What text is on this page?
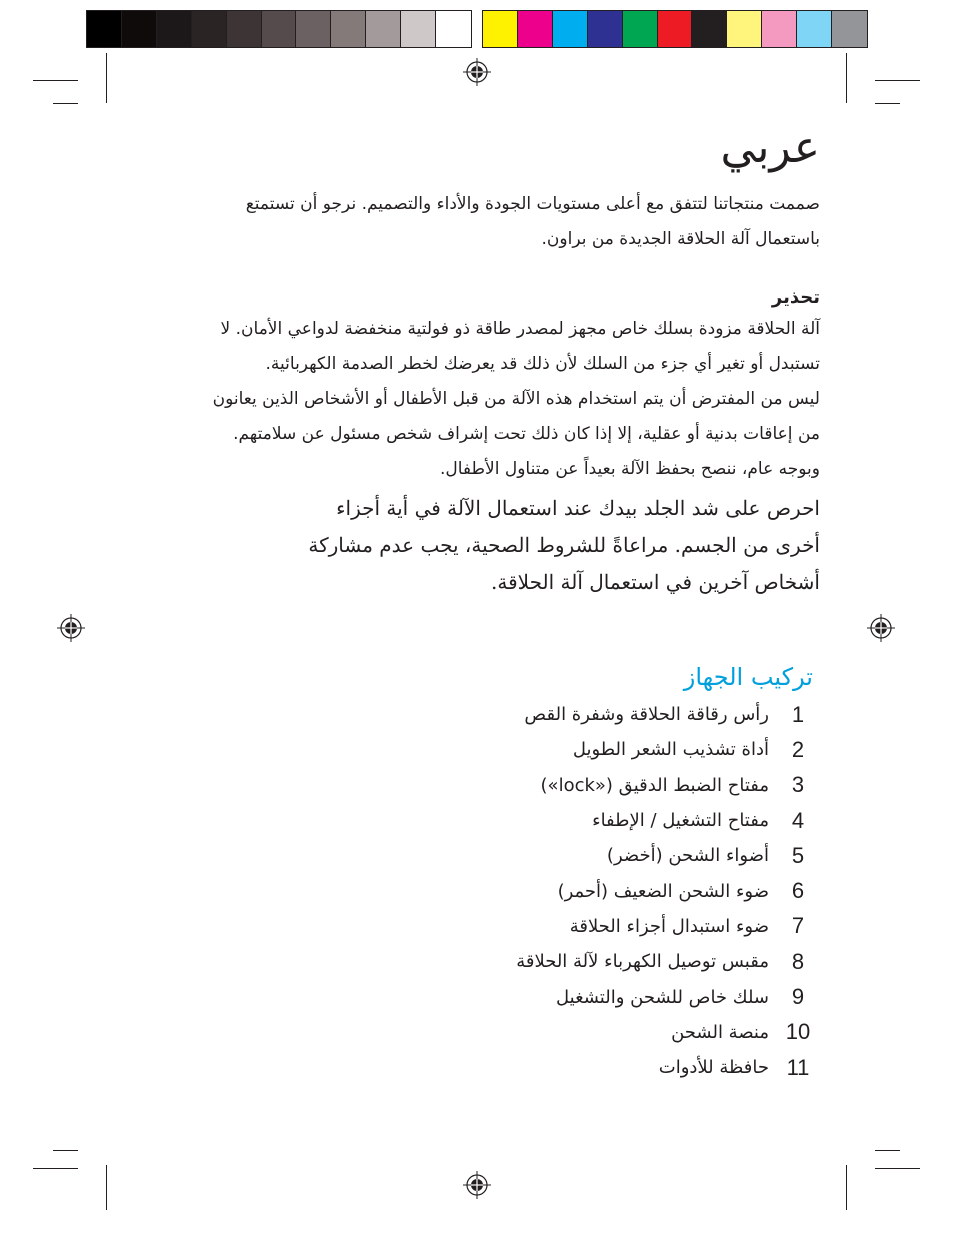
عربي
صممت منتجاتنا لتتفق مع أعلى مستويات الجودة والأداء والتصميم. نرجو أن تستمتع
باستعمال آلة الحلاقة الجديدة من براون.
تحذير
آلة الحلاقة مزودة بسلك خاص مجهز لمصدر طاقة ذو فولتية منخفضة لدواعي الأمان. لا
تستبدل أو تغير أي جزء من السلك لأن ذلك قد يعرضك لخطر الصدمة الكهربائية.
ليس من المفترض أن يتم استخدام هذه الآلة من قبل الأطفال أو الأشخاص الذين يعانون
من إعاقات بدنية أو عقلية، إلا إذا كان ذلك تحت إشراف شخص مسئول عن سلامتهم.
وبوجه عام، ننصح بحفظ الآلة بعيداً عن متناول الأطفال.
احرص على شد الجلد بيدك عند استعمال الآلة في أية أجزاء
أخرى من الجسم. مراعاةً للشروط الصحية، يجب عدم مشاركة
أشخاص آخرين في استعمال آلة الحلاقة.
تركيب الجهاز
1
رأس رقاقة الحلاقة وشفرة القص
2
أداة تشذيب الشعر الطويل
3
مفتاح الضبط الدقيق («lock»)
4
مفتاح التشغيل / الإطفاء
5
أضواء الشحن (أخضر)
6
ضوء الشحن الضعيف (أحمر)
7
ضوء استبدال أجزاء الحلاقة
8
مقبس توصيل الكهرباء لآلة الحلاقة
9
سلك خاص للشحن والتشغيل
10
منصة الشحن
11
حافظة للأدوات
